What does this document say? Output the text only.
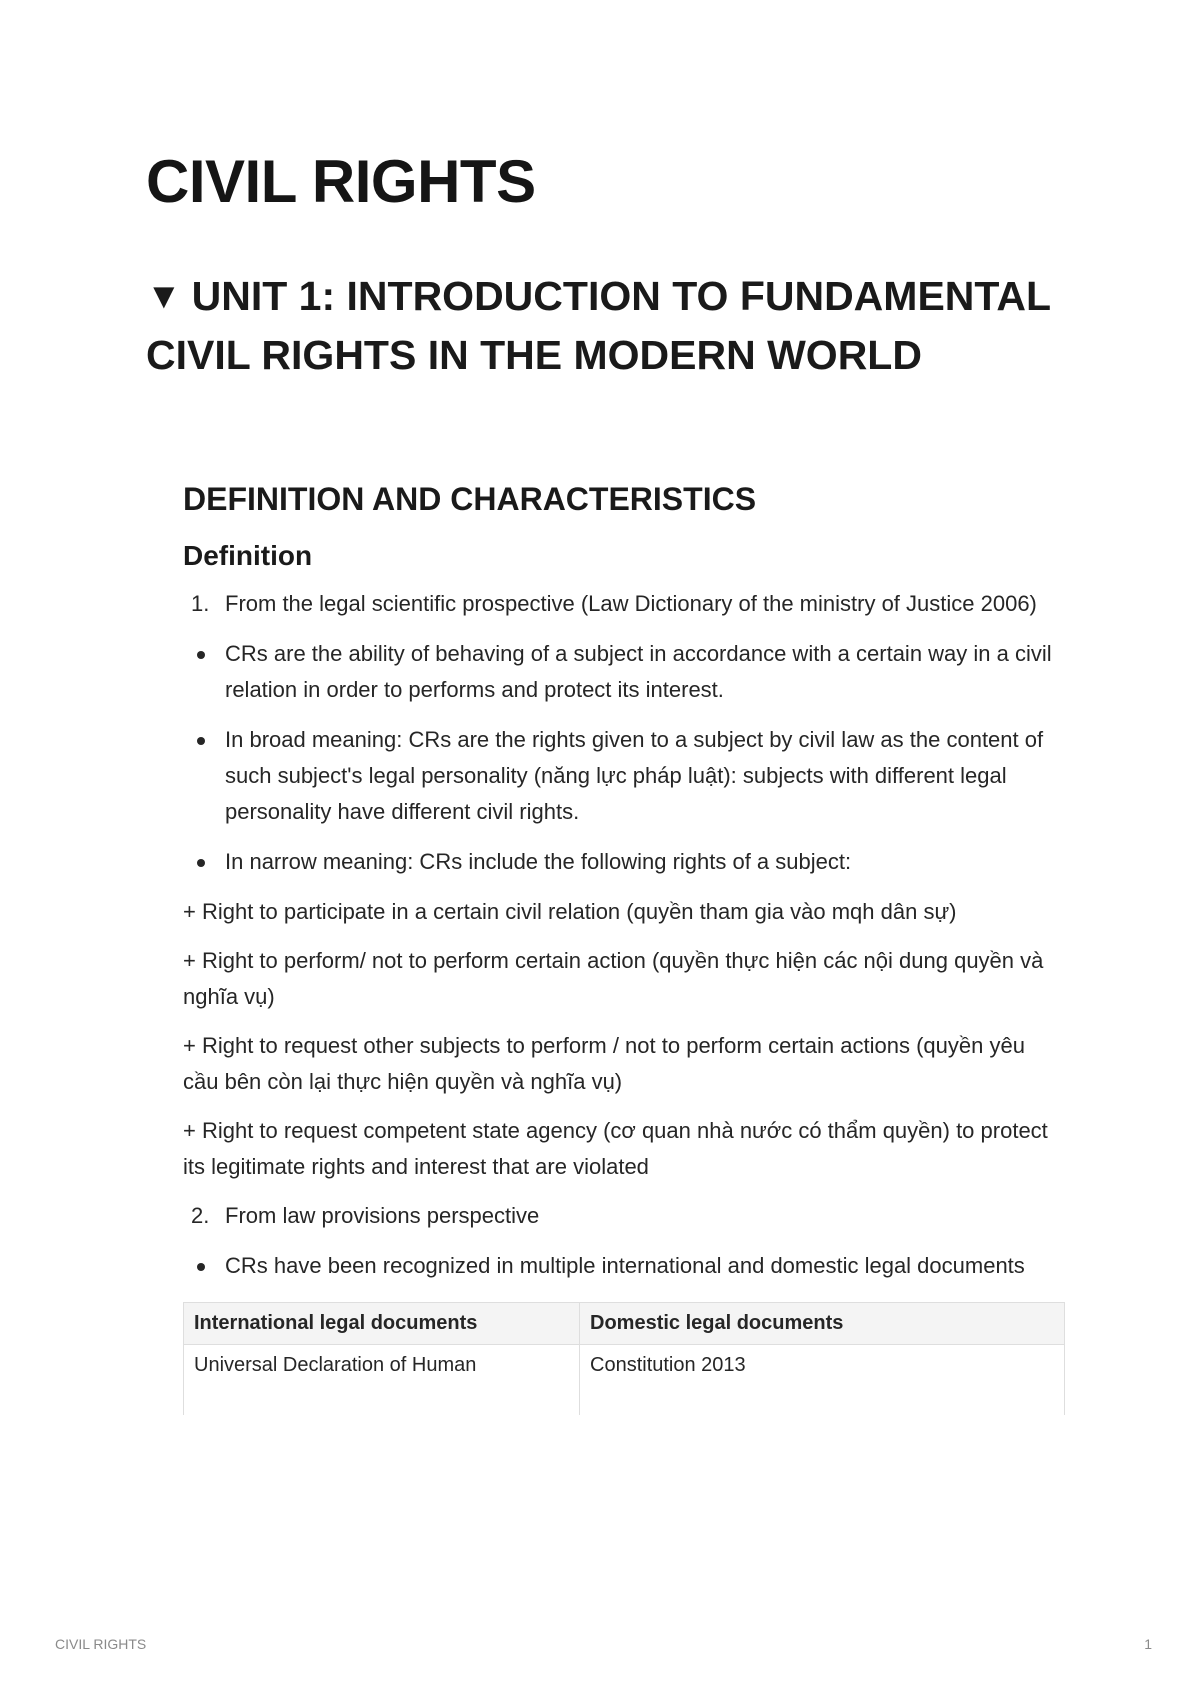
CIVIL RIGHTS
▼ UNIT 1: INTRODUCTION TO FUNDAMENTAL CIVIL RIGHTS IN THE MODERN WORLD
DEFINITION AND CHARACTERISTICS
Definition
1. From the legal scientific prospective (Law Dictionary of the ministry of Justice 2006)
CRs are the ability of behaving of a subject in accordance with a certain way in a civil relation in order to performs and protect its interest.
In broad meaning: CRs are the rights given to a subject by civil law as the content of such subject's legal personality (năng lực pháp luật): subjects with different legal personality have different civil rights.
In narrow meaning: CRs include the following rights of a subject:
+ Right to participate in a certain civil relation (quyền tham gia vào mqh dân sự)
+ Right to perform/ not to perform certain action (quyền thực hiện các nội dung quyền và nghĩa vụ)
+ Right to request other subjects to perform / not to perform certain actions (quyền yêu cầu bên còn lại thực hiện quyền và nghĩa vụ)
+ Right to request competent state agency (cơ quan nhà nước có thẩm quyền) to protect its legitimate rights and interest that are violated
2. From law provisions perspective
CRs have been recognized in multiple international and domestic legal documents
International legal documents	Domestic legal documents
Universal Declaration of Human	Constitution 2013
CIVIL RIGHTS	1
